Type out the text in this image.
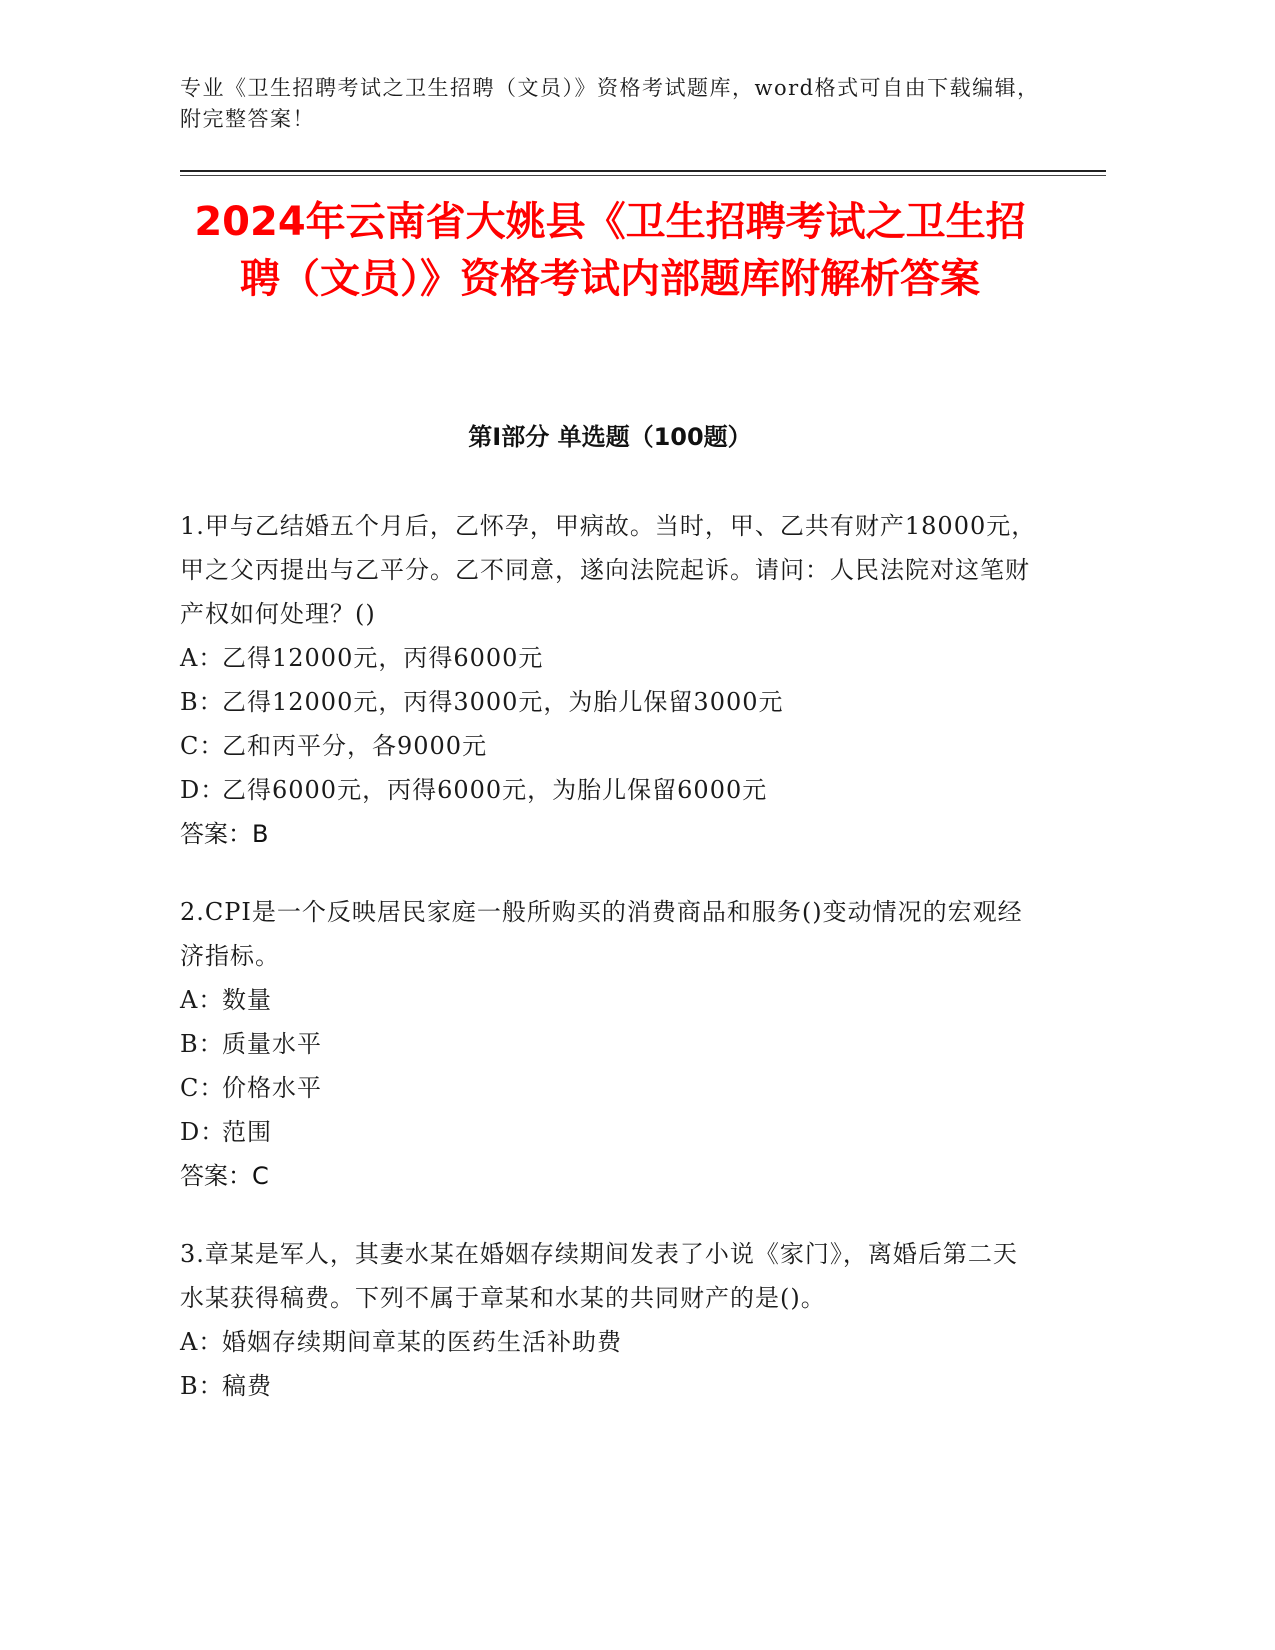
专业《卫生招聘考试之卫生招聘（文员）》资格考试题库，word格式可自由下载编辑，附完整答案！
2024年云南省大姚县《卫生招聘考试之卫生招聘（文员）》资格考试内部题库附解析答案
第Ⅰ部分 单选题（100题）

1.甲与乙结婚五个月后，乙怀孕，甲病故。当时，甲、乙共有财产18000元，甲之父丙提出与乙平分。乙不同意，遂向法院起诉。请问：人民法院对这笔财产权如何处理？()

A：乙得12000元，丙得6000元

B：乙得12000元，丙得3000元，为胎儿保留3000元

C：乙和丙平分，各9000元

D：乙得6000元，丙得6000元，为胎儿保留6000元

答案：B

2.CPI是一个反映居民家庭一般所购买的消费商品和服务()变动情况的宏观经济指标。

A：数量

B：质量水平

C：价格水平

D：范围

答案：C

3.章某是军人，其妻水某在婚姻存续期间发表了小说《家门》，离婚后第二天水某获得稿费。下列不属于章某和水某的共同财产的是()。

A：婚姻存续期间章某的医药生活补助费

B：稿费
